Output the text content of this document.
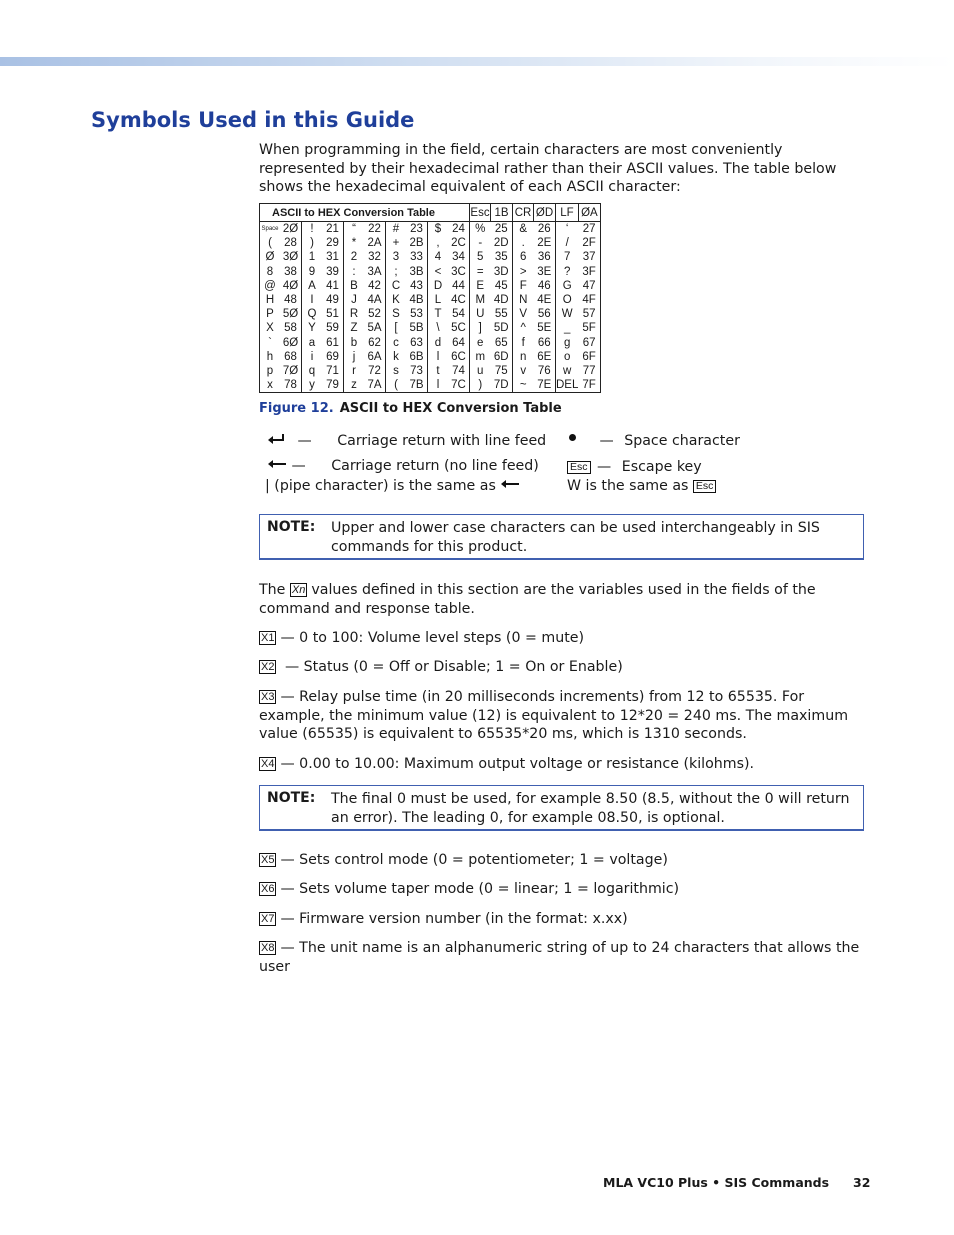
Symbols Used in this Guide

When programming in the field, certain characters are most conveniently represented by their hexadecimal rather than their ASCII values. The table below shows the hexadecimal equivalent of each ASCII character:

ASCII to HEX Conversion Table										Esc	1B	CR	ØD	LF	ØA
Space	2Ø	!	21	“	22	#	23	$	24	%	25	&	26	‘	27
(	28	)	29	*	2A	+	2B	,	2C	-	2D	.	2E	/	2F
Ø	3Ø	1	31	2	32	3	33	4	34	5	35	6	36	7	37
8	38	9	39	:	3A	;	3B	<	3C	=	3D	>	3E	?	3F
@	4Ø	A	41	B	42	C	43	D	44	E	45	F	46	G	47
H	48	I	49	J	4A	K	4B	L	4C	M	4D	N	4E	O	4F
P	5Ø	Q	51	R	52	S	53	T	54	U	55	V	56	W	57
X	58	Y	59	Z	5A	[	5B	\	5C	]	5D	^	5E	_	5F
`	6Ø	a	61	b	62	c	63	d	64	e	65	f	66	g	67
h	68	i	69	j	6A	k	6B	l	6C	m	6D	n	6E	o	6F
p	7Ø	q	71	r	72	s	73	t	74	u	75	v	76	w	77
x	78	y	79	z	7A	(	7B	l	7C	)	7D	~	7E	DEL	7F

Figure 12. ASCII to HEX Conversion Table

— Carriage return with line feed
— Carriage return (no line feed)
| (pipe character) is the same as
— Space character
Esc — Escape key
W is the same as Esc
NOTE: Upper and lower case characters can be used interchangeably in SIS commands for this product.

The Xn values defined in this section are the variables used in the fields of the command and response table.

X1 — 0 to 100: Volume level steps (0 = mute)

X2 — Status (0 = Off or Disable; 1 = On or Enable)

X3 — Relay pulse time (in 20 milliseconds increments) from 12 to 65535. For example, the minimum value (12) is equivalent to 12*20 = 240 ms. The maximum value (65535) is equivalent to 65535*20 ms, which is 1310 seconds.

X4 — 0.00 to 10.00: Maximum output voltage or resistance (kilohms).

NOTE: The final 0 must be used, for example 8.50 (8.5, without the 0 will return an error). The leading 0, for example 08.50, is optional.

X5 — Sets control mode (0 = potentiometer; 1 = voltage)

X6 — Sets volume taper mode (0 = linear; 1 = logarithmic)

X7 — Firmware version number (in the format: x.xx)

X8 — The unit name is an alphanumeric string of up to 24 characters that allows the user

MLA VC10 Plus • SIS Commands 32
